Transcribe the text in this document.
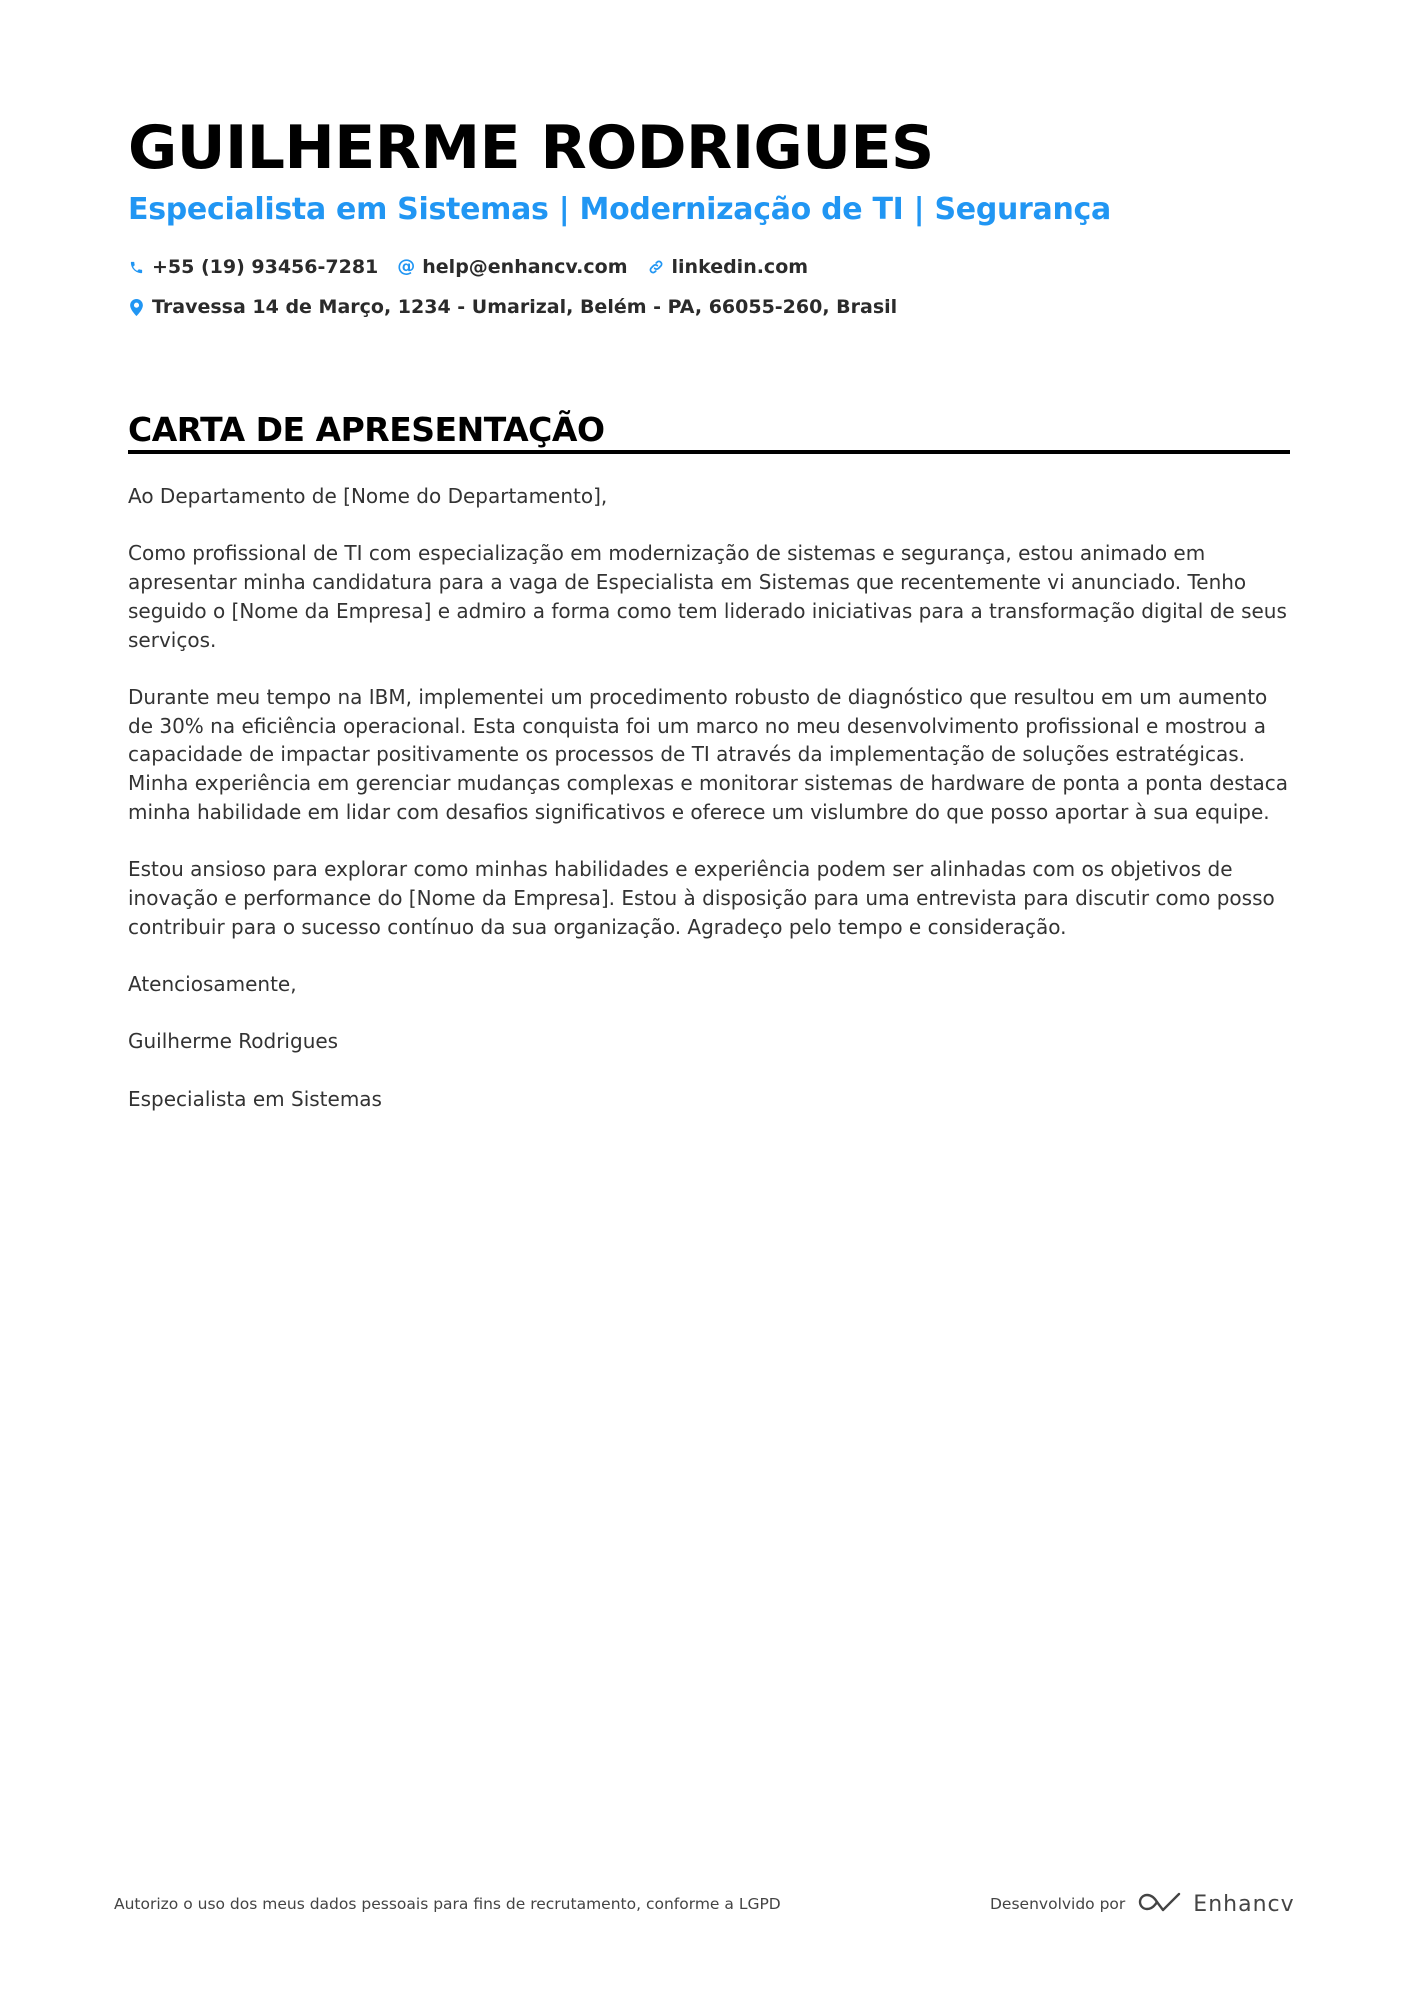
GUILHERME RODRIGUES
Especialista em Sistemas | Modernização de TI | Segurança
+55 (19) 93456-7281 @ help@enhancv.com linkedin.com
Travessa 14 de Março, 1234 - Umarizal, Belém - PA, 66055-260, Brasil
CARTA DE APRESENTAÇÃO

Ao Departamento de [Nome do Departamento],

Como profissional de TI com especialização em modernização de sistemas e segurança, estou animado em apresentar minha candidatura para a vaga de Especialista em Sistemas que recentemente vi anunciado. Tenho seguido o [Nome da Empresa] e admiro a forma como tem liderado iniciativas para a transformação digital de seus serviços.

Durante meu tempo na IBM, implementei um procedimento robusto de diagnóstico que resultou em um aumento de 30% na eficiência operacional. Esta conquista foi um marco no meu desenvolvimento profissional e mostrou a capacidade de impactar positivamente os processos de TI através da implementação de soluções estratégicas. Minha experiência em gerenciar mudanças complexas e monitorar sistemas de hardware de ponta a ponta destaca minha habilidade em lidar com desafios significativos e oferece um vislumbre do que posso aportar à sua equipe.

Estou ansioso para explorar como minhas habilidades e experiência podem ser alinhadas com os objetivos de inovação e performance do [Nome da Empresa]. Estou à disposição para uma entrevista para discutir como posso contribuir para o sucesso contínuo da sua organização. Agradeço pelo tempo e consideração.

Atenciosamente,

Guilherme Rodrigues

Especialista em Sistemas

Autorizo o uso dos meus dados pessoais para fins de recrutamento, conforme a LGPD	Desenvolvido por	Enhancv
